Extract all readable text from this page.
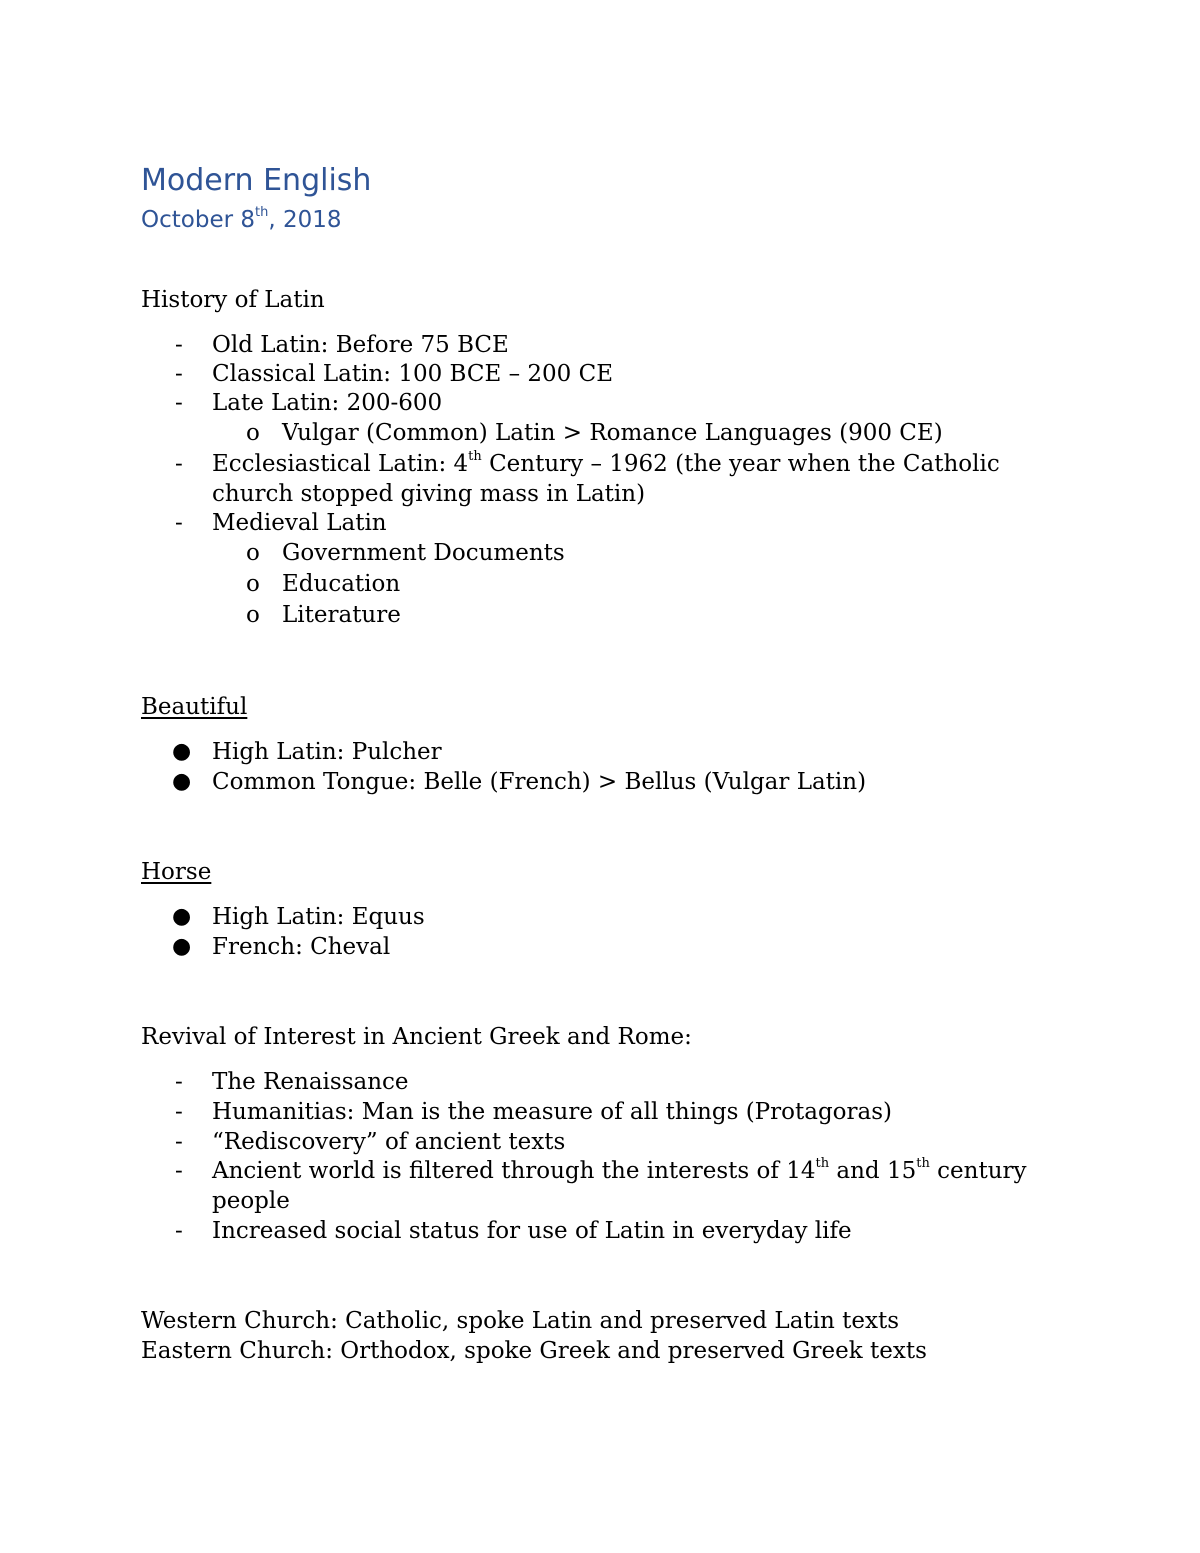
Modern English
October 8th, 2018
History of Latin
- Old Latin: Before 75 BCE
- Classical Latin: 100 BCE – 200 CE
- Late Latin: 200-600
o Vulgar (Common) Latin > Romance Languages (900 CE)
- Ecclesiastical Latin: 4th Century – 1962 (the year when the Catholic
church stopped giving mass in Latin)
- Medieval Latin
o Government Documents
o Education
o Literature
Beautiful
● High Latin: Pulcher
● Common Tongue: Belle (French) > Bellus (Vulgar Latin)
Horse
● High Latin: Equus
● French: Cheval
Revival of Interest in Ancient Greek and Rome:
- The Renaissance
- Humanitias: Man is the measure of all things (Protagoras)
- “Rediscovery” of ancient texts
- Ancient world is filtered through the interests of 14th and 15th century
people
- Increased social status for use of Latin in everyday life
Western Church: Catholic, spoke Latin and preserved Latin texts
Eastern Church: Orthodox, spoke Greek and preserved Greek texts
